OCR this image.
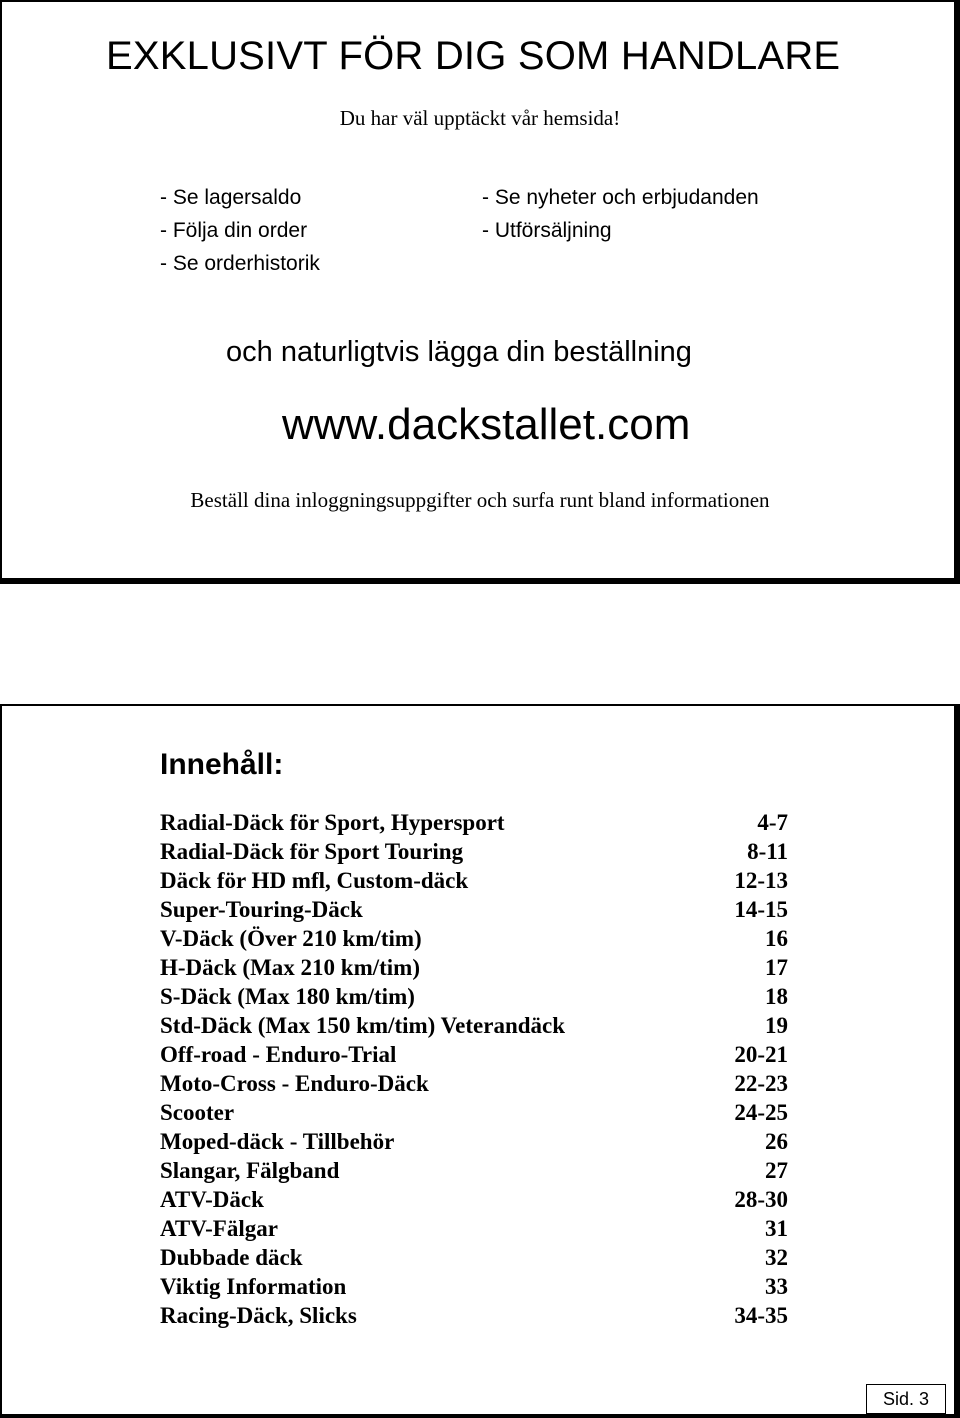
EXKLUSIVT FÖR DIG SOM HANDLARE
Du har väl upptäckt vår hemsida!
- Se lagersaldo
- Följa din order
- Se orderhistorik
- Se nyheter och erbjudanden
- Utförsäljning
och naturligtvis lägga din beställning
www.dackstallet.com
Beställ dina inloggningsuppgifter och surfa runt bland informationen
Innehåll:
Radial-Däck för Sport, Hypersport	4-7
Radial-Däck för Sport Touring	8-11
Däck för HD mfl, Custom-däck	12-13
Super-Touring-Däck	14-15
V-Däck (Över 210 km/tim)	16
H-Däck (Max 210 km/tim)	17
S-Däck (Max 180 km/tim)	18
Std-Däck (Max 150 km/tim) Veterandäck	19
Off-road - Enduro-Trial	20-21
Moto-Cross - Enduro-Däck	22-23
Scooter	24-25
Moped-däck - Tillbehör	26
Slangar, Fälgband	27
ATV-Däck	28-30
ATV-Fälgar	31
Dubbade däck	32
Viktig Information	33
Racing-Däck, Slicks	34-35
Sid. 3
